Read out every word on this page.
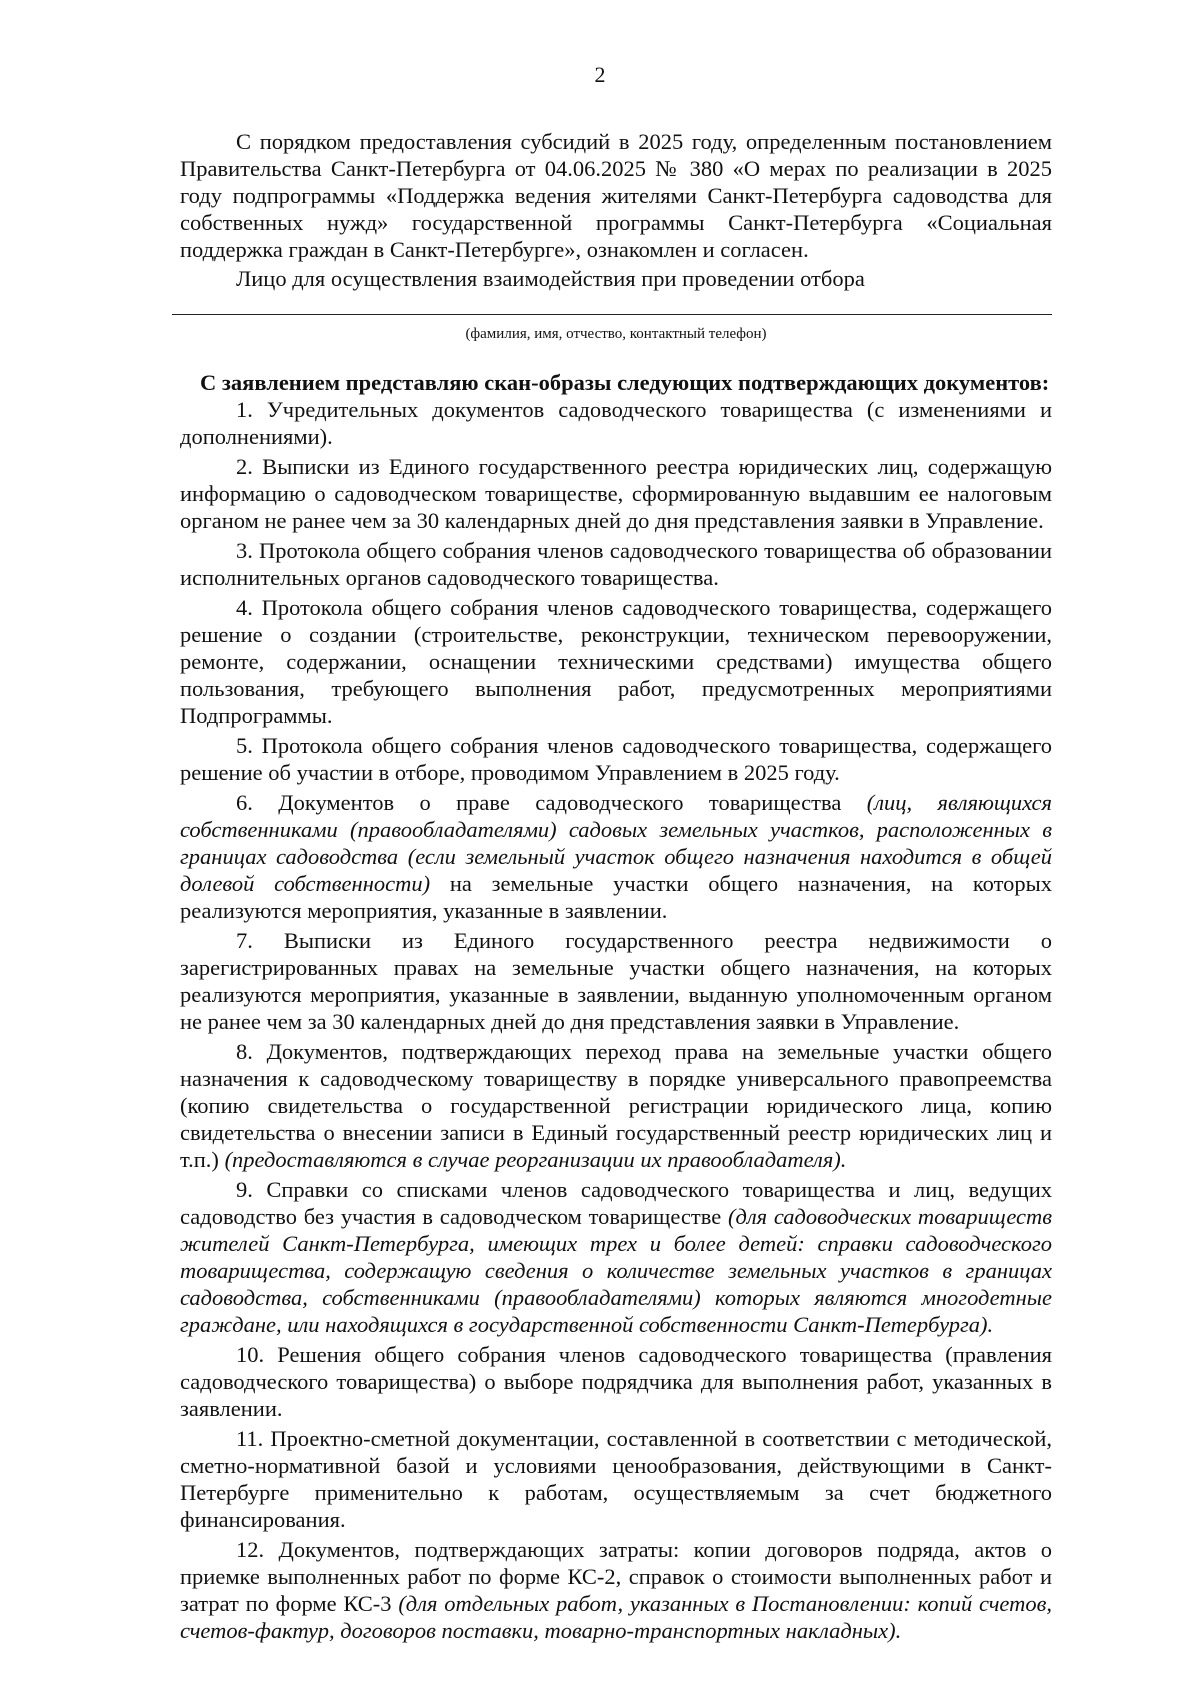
2

С порядком предоставления субсидий в 2025 году, определенным постановлением Правительства Санкт-Петербурга от 04.06.2025 № 380 «О мерах по реализации в 2025 году подпрограммы «Поддержка ведения жителями Санкт-Петербурга садоводства для собственных нужд» государственной программы Санкт-Петербурга «Социальная поддержка граждан в Санкт-Петербурге», ознакомлен и согласен.

Лицо для осуществления взаимодействия при проведении отбора

(фамилия, имя, отчество, контактный телефон)
С заявлением представляю скан-образы следующих подтверждающих документов:

1. Учредительных документов садоводческого товарищества (с изменениями и дополнениями).

2. Выписки из Единого государственного реестра юридических лиц, содержащую информацию о садоводческом товариществе, сформированную выдавшим ее налоговым органом не ранее чем за 30 календарных дней до дня представления заявки в Управление.

3. Протокола общего собрания членов садоводческого товарищества об образовании исполнительных органов садоводческого товарищества.

4. Протокола общего собрания членов садоводческого товарищества, содержащего решение о создании (строительстве, реконструкции, техническом перевооружении, ремонте, содержании, оснащении техническими средствами) имущества общего пользования, требующего выполнения работ, предусмотренных мероприятиями Подпрограммы.

5. Протокола общего собрания членов садоводческого товарищества, содержащего решение об участии в отборе, проводимом Управлением в 2025 году.

6. Документов о праве садоводческого товарищества (лиц, являющихся собственниками (правообладателями) садовых земельных участков, расположенных в границах садоводства (если земельный участок общего назначения находится в общей долевой собственности) на земельные участки общего назначения, на которых реализуются мероприятия, указанные в заявлении.

7. Выписки из Единого государственного реестра недвижимости о зарегистрированных правах на земельные участки общего назначения, на которых реализуются мероприятия, указанные в заявлении, выданную уполномоченным органом не ранее чем за 30 календарных дней до дня представления заявки в Управление.

8. Документов, подтверждающих переход права на земельные участки общего назначения к садоводческому товариществу в порядке универсального правопреемства (копию свидетельства о государственной регистрации юридического лица, копию свидетельства о внесении записи в Единый государственный реестр юридических лиц и т.п.) (предоставляются в случае реорганизации их правообладателя).

9. Справки со списками членов садоводческого товарищества и лиц, ведущих садоводство без участия в садоводческом товариществе (для садоводческих товариществ жителей Санкт-Петербурга, имеющих трех и более детей: справки садоводческого товарищества, содержащую сведения о количестве земельных участков в границах садоводства, собственниками (правообладателями) которых являются многодетные граждане, или находящихся в государственной собственности Санкт-Петербурга).

10. Решения общего собрания членов садоводческого товарищества (правления садоводческого товарищества) о выборе подрядчика для выполнения работ, указанных в заявлении.

11. Проектно-сметной документации, составленной в соответствии с методической, сметно-нормативной базой и условиями ценообразования, действующими в Санкт-Петербурге применительно к работам, осуществляемым за счет бюджетного финансирования.

12. Документов, подтверждающих затраты: копии договоров подряда, актов о приемке выполненных работ по форме КС-2, справок о стоимости выполненных работ и затрат по форме КС-3 (для отдельных работ, указанных в Постановлении: копий счетов, счетов-фактур, договоров поставки, товарно-транспортных накладных).
